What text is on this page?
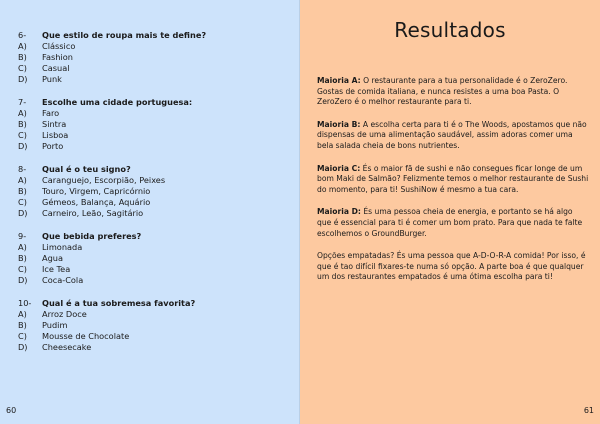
6-	Que estilo de roupa mais te define?
A)	Clássico
B)	Fashion
C)	Casual
D)	Punk
7-	Escolhe uma cidade portuguesa:
A)	Faro
B)	Sintra
C)	Lisboa
D)	Porto
8-	Qual é o teu signo?
A)	Caranguejo, Escorpião, Peixes
B)	Touro, Virgem, Capricórnio
C)	Gémeos, Balança, Aquário
D)	Carneiro, Leão, Sagitário
9-	Que bebida preferes?
A)	Limonada
B)	Agua
C)	Ice Tea
D)	Coca-Cola
10-	Qual é a tua sobremesa favorita?
A)	Arroz Doce
B)	Pudim
C)	Mousse de Chocolate
D)	Cheesecake
60
Resultados

Maioria A: O restaurante para a tua personalidade é o ZeroZero. Gostas de comida italiana, e nunca resistes a uma boa Pasta. O ZeroZero é o melhor restaurante para ti.

Maioria B: A escolha certa para ti é o The Woods, apostamos que não dispensas de uma alimentação saudável, assim adoras comer uma bela salada cheia de bons nutrientes.

Maioria C: És o maior fã de sushi e não consegues ficar longe de um bom Maki de Salmão? Felizmente temos o melhor restaurante de Sushi do momento, para ti! SushiNow é mesmo a tua cara.

Maioria D: És uma pessoa cheia de energia, e portanto se há algo que é essencial para ti é comer um bom prato. Para que nada te falte escolhemos o GroundBurger.

Opções empatadas? És uma pessoa que A-D-O-R-A comida! Por isso, é que é tao difícil fixares-te numa só opção. A parte boa é que qualquer um dos restaurantes empatados é uma ótima escolha para ti!

61
